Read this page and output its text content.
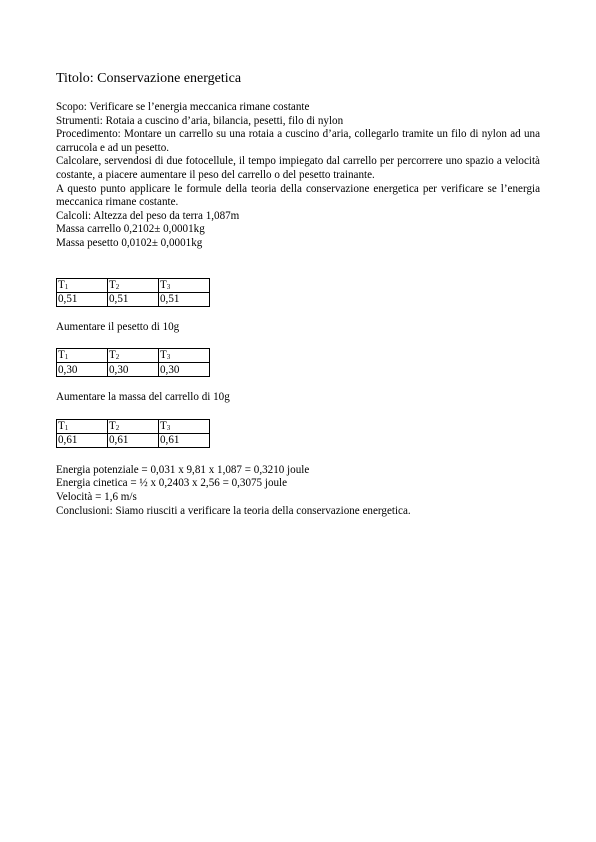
Titolo: Conservazione energetica

Scopo: Verificare se l’energia meccanica rimane costante

Strumenti: Rotaia a cuscino d’aria, bilancia, pesetti, filo di nylon

Procedimento: Montare un carrello su una rotaia a cuscino d’aria, collegarlo tramite un filo di nylon ad una carrucola e ad un pesetto.

Calcolare, servendosi di due fotocellule, il tempo impiegato dal carrello per percorrere uno spazio a velocità costante, a piacere aumentare il peso del carrello o del pesetto trainante.

A questo punto applicare le formule della teoria della conservazione energetica per verificare se l’energia meccanica rimane costante.

Calcoli: Altezza del peso da terra 1,087m

Massa carrello 0,2102± 0,0001kg

Massa pesetto 0,0102± 0,0001kg

$T_1$	$T_2$	$T_3$
0,51	0,51	0,51

Aumentare il pesetto di 10g

$T_1$	$T_2$	$T_3$
0,30	0,30	0,30

Aumentare la massa del carrello di 10g

$T_1$	$T_2$	$T_3$
0,61	0,61	0,61

Energia potenziale = 0,031 x 9,81 x 1,087 = 0,3210 joule

Energia cinetica = ½ x 0,2403 x 2,56 = 0,3075 joule

Velocità = 1,6 m/s

Conclusioni: Siamo riusciti a verificare la teoria della conservazione energetica.
